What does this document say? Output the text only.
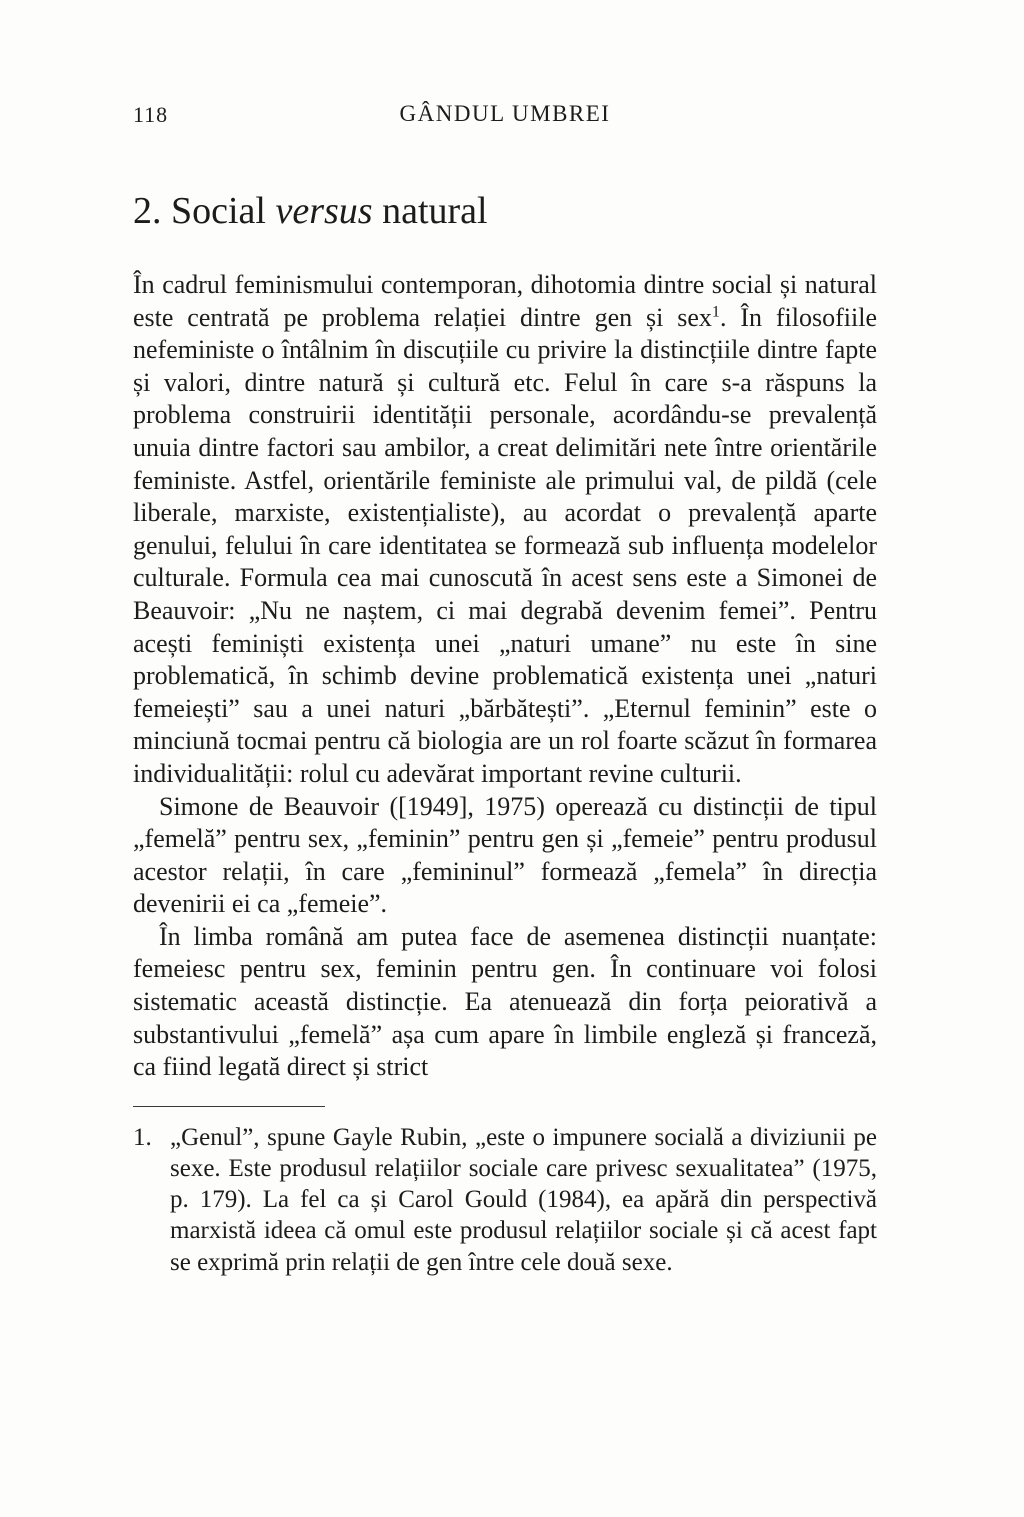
118	GÂNDUL UMBREI
2. Social versus natural

În cadrul feminismului contemporan, dihotomia dintre social și natural este centrată pe problema relației dintre gen și sex$^1$. În filosofiile nefeministe o întâlnim în discuțiile cu privire la distincțiile dintre fapte și valori, dintre natură și cultură etc. Felul în care s-a răspuns la problema construirii identității personale, acordându-se prevalență unuia dintre factori sau ambilor, a creat delimitări nete între orientările feministe. Astfel, orientările feministe ale primului val, de pildă (cele liberale, marxiste, existențialiste), au acordat o prevalență aparte genului, felului în care identitatea se formează sub influența modelelor culturale. Formula cea mai cunoscută în acest sens este a Simonei de Beauvoir: „Nu ne naștem, ci mai degrabă devenim femei”. Pentru acești feminiști existența unei „naturi umane” nu este în sine problematică, în schimb devine problematică existența unei „naturi femeiești” sau a unei naturi „bărbătești”. „Eternul feminin” este o minciună tocmai pentru că biologia are un rol foarte scăzut în formarea individualității: rolul cu adevărat important revine culturii.

Simone de Beauvoir ([1949], 1975) operează cu distincții de tipul „femelă” pentru sex, „feminin” pentru gen și „femeie” pentru produsul acestor relații, în care „femininul” formează „femela” în direcția devenirii ei ca „femeie”.

În limba română am putea face de asemenea distincții nuanțate: femeiesc pentru sex, feminin pentru gen. În continuare voi folosi sistematic această distincție. Ea atenuează din forța peiorativă a substantivului „femelă” așa cum apare în limbile engleză și franceză, ca fiind legată direct și strict

1. „Genul”, spune Gayle Rubin, „este o impunere socială a diviziunii pe sexe. Este produsul relațiilor sociale care privesc sexualitatea” (1975, p. 179). La fel ca și Carol Gould (1984), ea apără din perspectivă marxistă ideea că omul este produsul relațiilor sociale și că acest fapt se exprimă prin relații de gen între cele două sexe.
